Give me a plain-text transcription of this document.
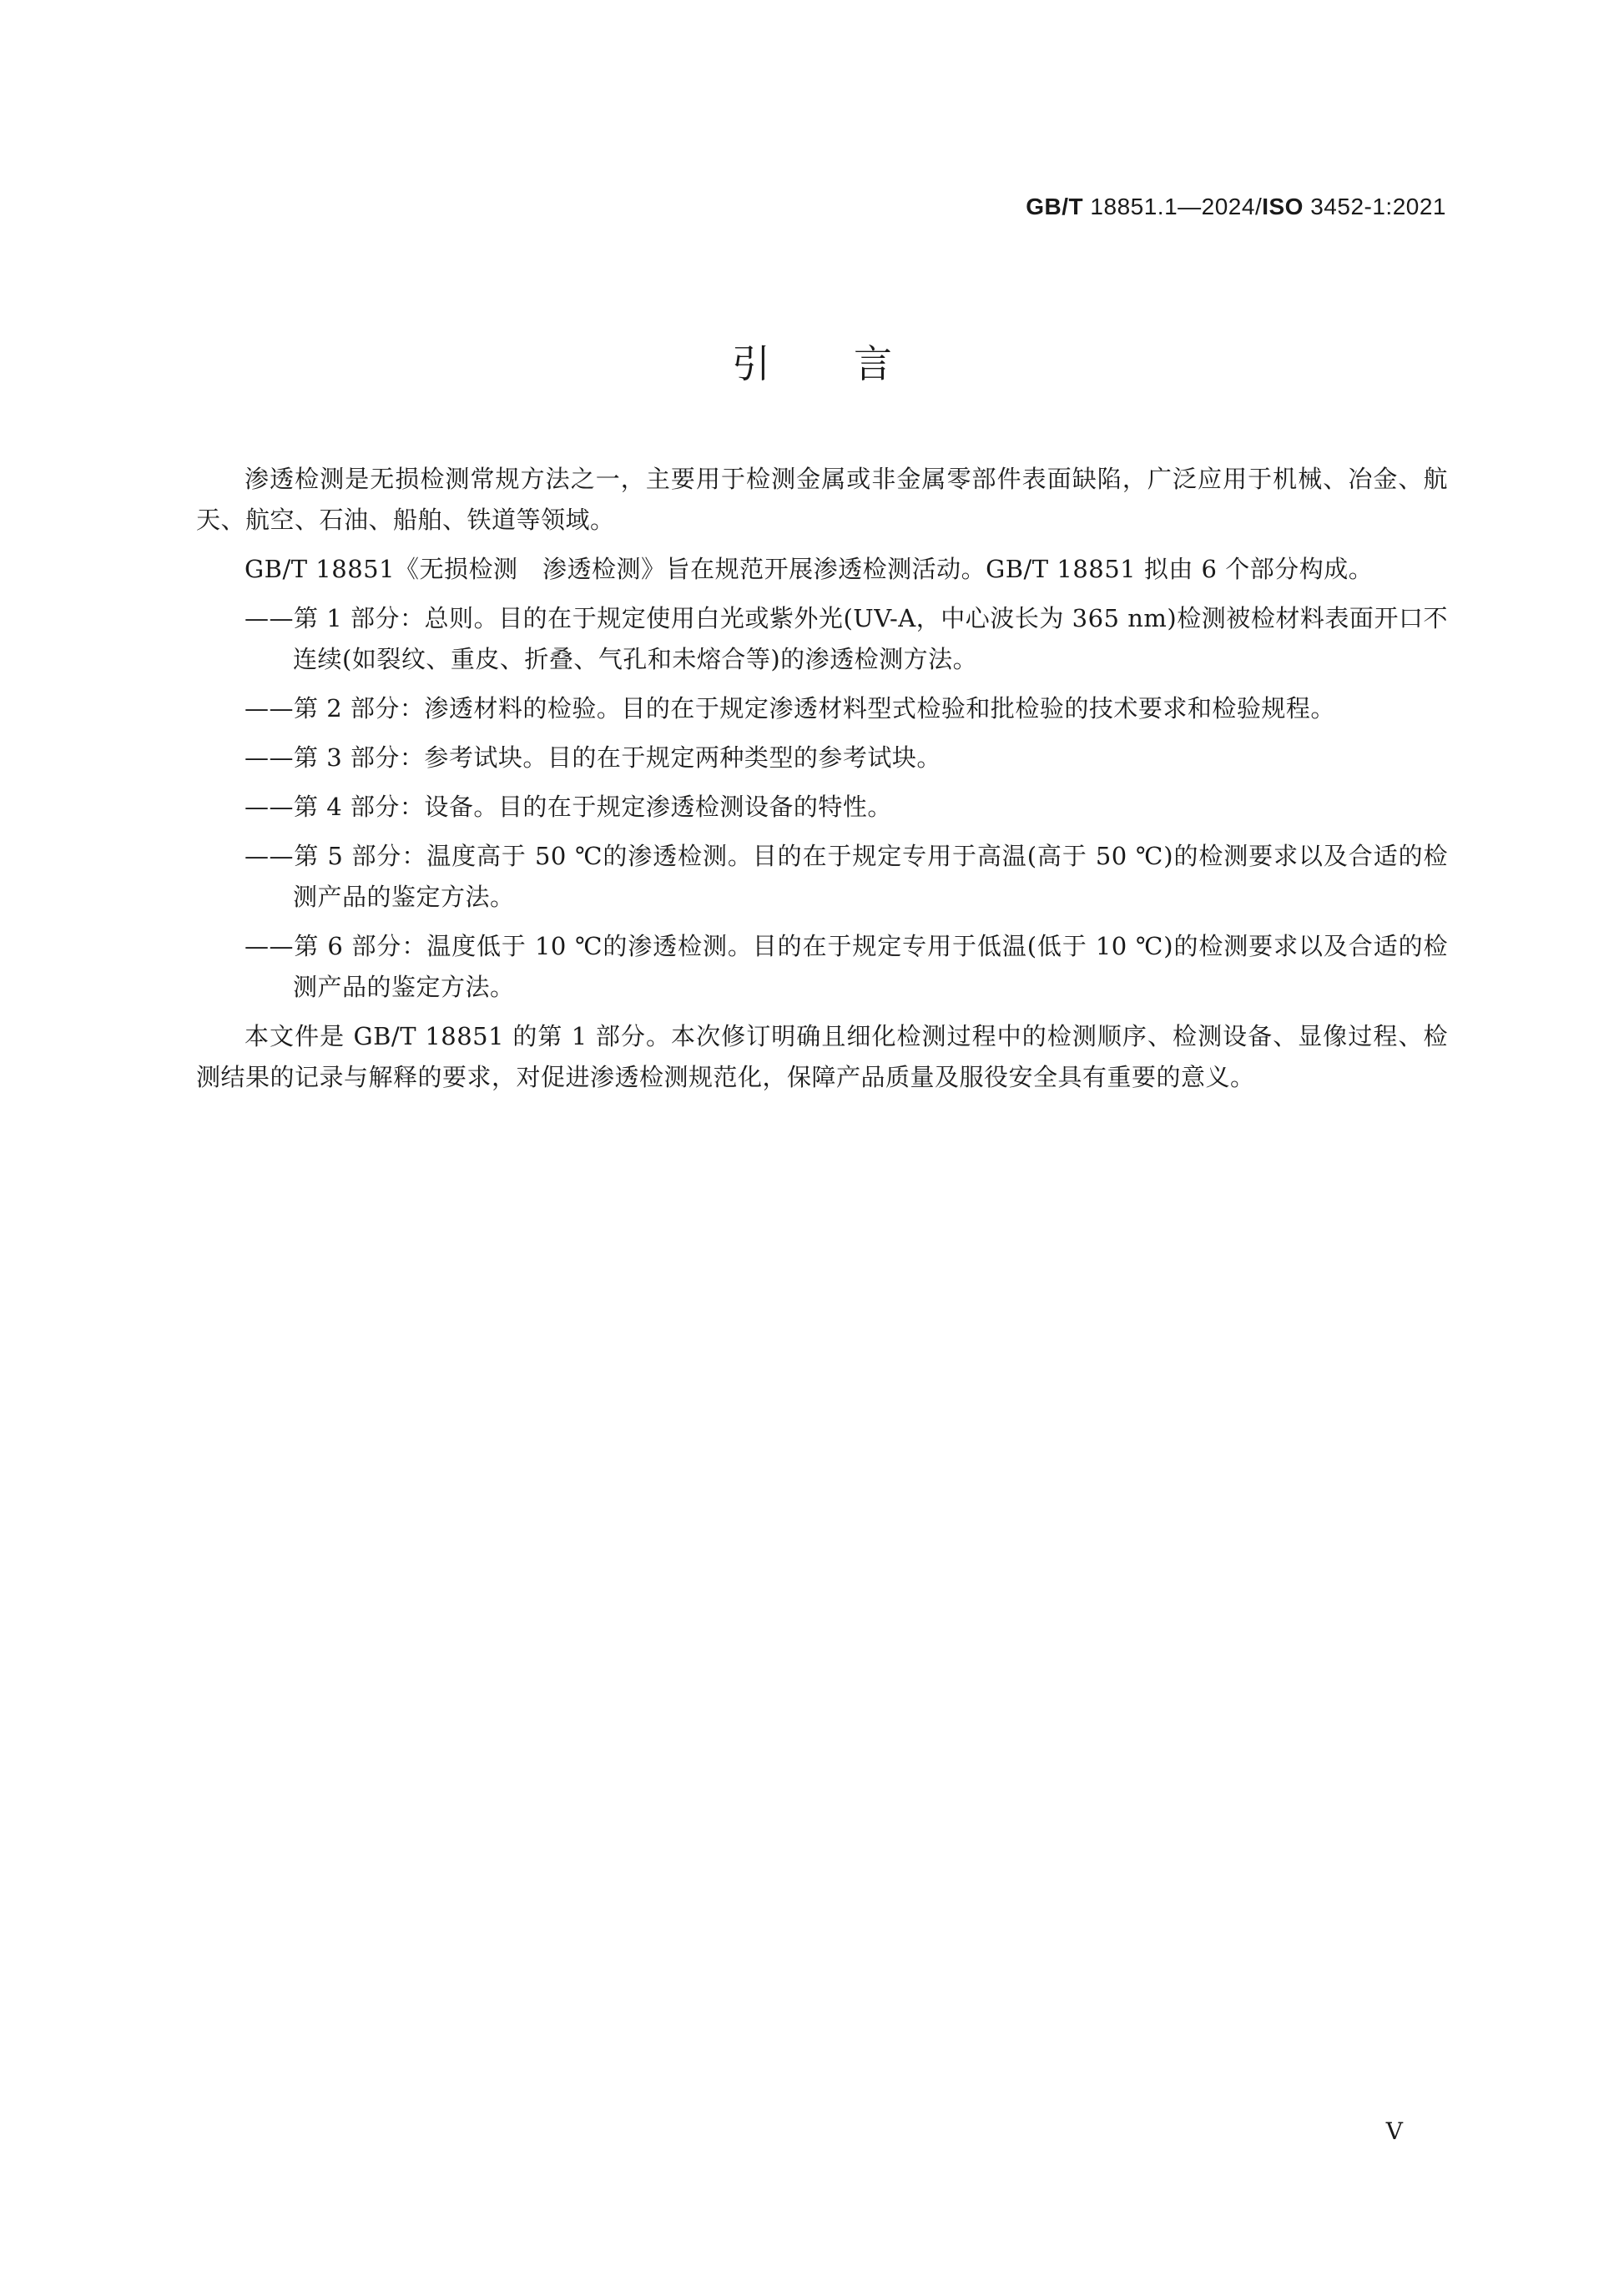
GB/T 18851.1—2024/ISO 3452-1:2021
引言

渗透检测是无损检测常规方法之一，主要用于检测金属或非金属零部件表面缺陷，广泛应用于机械、冶金、航天、航空、石油、船舶、铁道等领域。

GB/T 18851《无损检测　渗透检测》旨在规范开展渗透检测活动。GB/T 18851 拟由 6 个部分构成。

——第 1 部分：总则。目的在于规定使用白光或紫外光(UV-A，中心波长为 365 nm)检测被检材料表面开口不连续(如裂纹、重皮、折叠、气孔和未熔合等)的渗透检测方法。

——第 2 部分：渗透材料的检验。目的在于规定渗透材料型式检验和批检验的技术要求和检验规程。

——第 3 部分：参考试块。目的在于规定两种类型的参考试块。

——第 4 部分：设备。目的在于规定渗透检测设备的特性。

——第 5 部分：温度高于 50 ℃的渗透检测。目的在于规定专用于高温(高于 50 ℃)的检测要求以及合适的检测产品的鉴定方法。

——第 6 部分：温度低于 10 ℃的渗透检测。目的在于规定专用于低温(低于 10 ℃)的检测要求以及合适的检测产品的鉴定方法。

本文件是 GB/T 18851 的第 1 部分。本次修订明确且细化检测过程中的检测顺序、检测设备、显像过程、检测结果的记录与解释的要求，对促进渗透检测规范化，保障产品质量及服役安全具有重要的意义。

V
